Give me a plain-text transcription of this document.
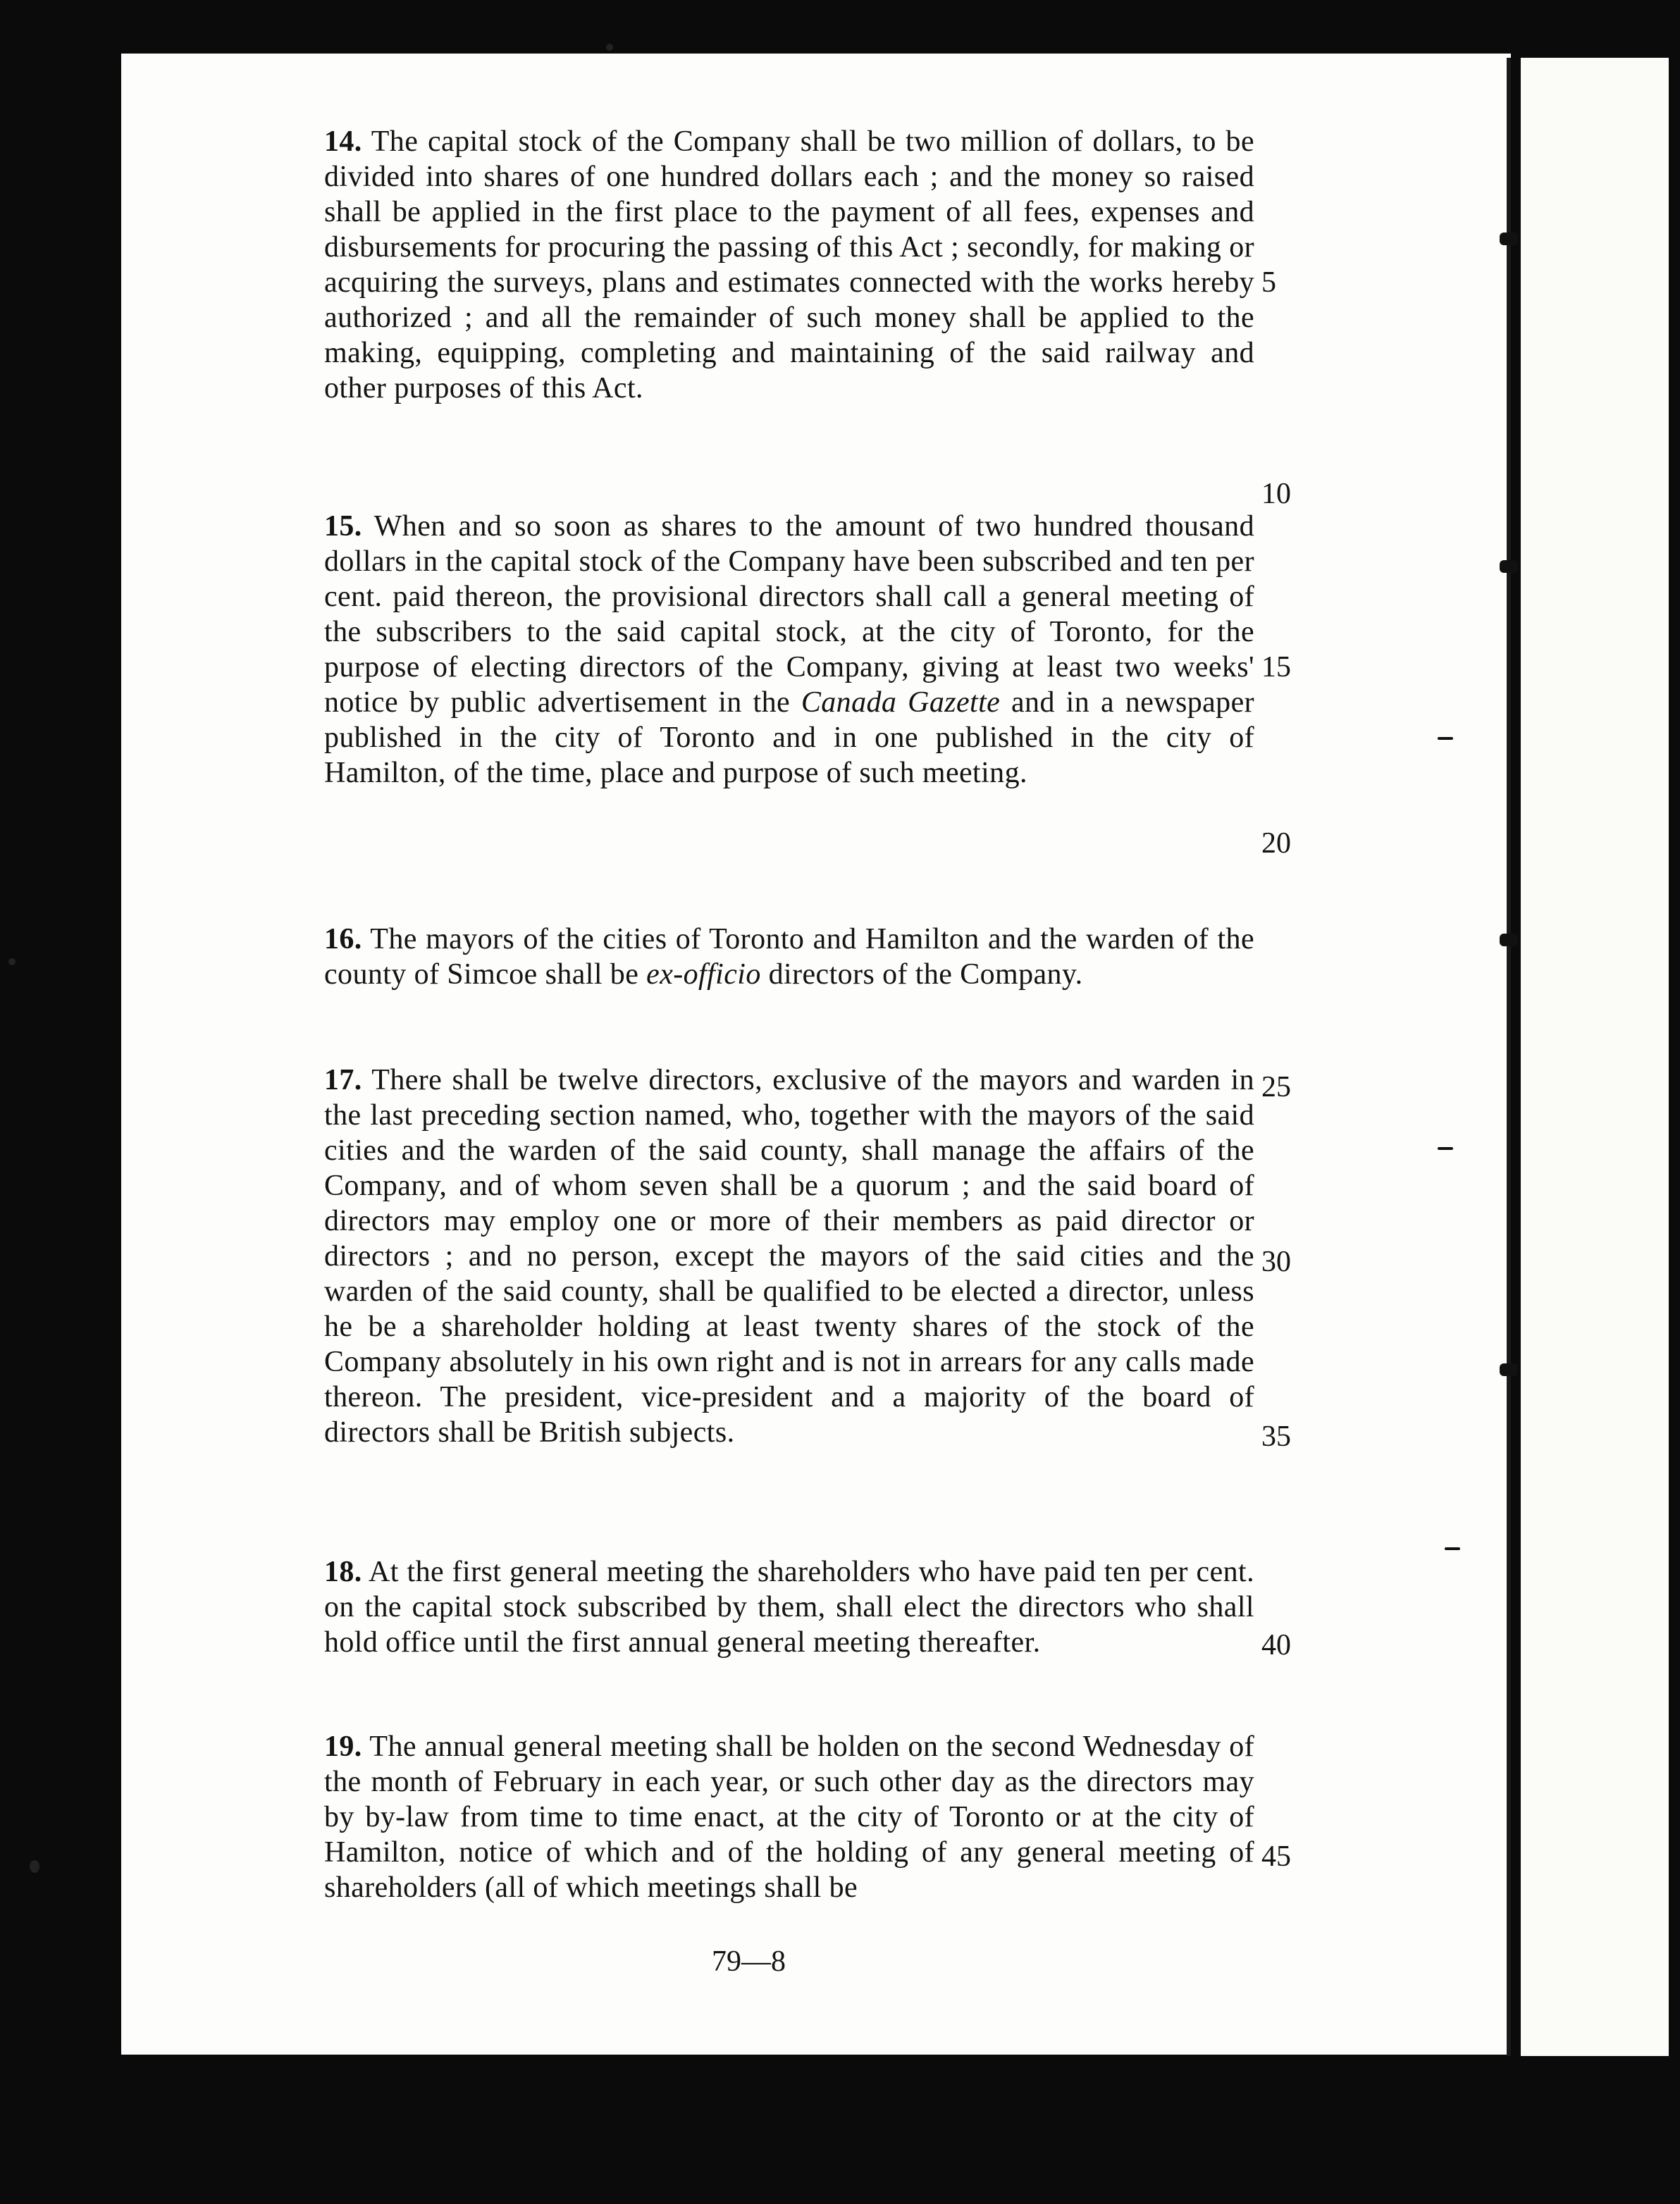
14. The capital stock of the Company shall be two million of dollars, to be divided into shares of one hundred dollars each ; and the money so raised shall be applied in the first place to the payment of all fees, expenses and disbursements for procuring the passing of this Act ; secondly, for making or acquiring the surveys, plans and estimates connected with the works hereby authorized ; and all the remainder of such money shall be applied to the making, equipping, completing and maintaining of the said railway and other purposes of this Act.
15. When and so soon as shares to the amount of two hundred thousand dollars in the capital stock of the Company have been subscribed and ten per cent. paid thereon, the provisional directors shall call a general meeting of the subscribers to the said capital stock, at the city of Toronto, for the purpose of electing directors of the Company, giving at least two weeks' notice by public advertisement in the Canada Gazette and in a newspaper published in the city of Toronto and in one published in the city of Hamilton, of the time, place and purpose of such meeting.
16. The mayors of the cities of Toronto and Hamilton and the warden of the county of Simcoe shall be ex-officio directors of the Company.
17. There shall be twelve directors, exclusive of the mayors and warden in the last preceding section named, who, together with the mayors of the said cities and the warden of the said county, shall manage the affairs of the Company, and of whom seven shall be a quorum ; and the said board of directors may employ one or more of their members as paid director or directors ; and no person, except the mayors of the said cities and the warden of the said county, shall be qualified to be elected a director, unless he be a shareholder holding at least twenty shares of the stock of the Company absolutely in his own right and is not in arrears for any calls made thereon. The president, vice-president and a majority of the board of directors shall be British subjects.
18. At the first general meeting the shareholders who have paid ten per cent. on the capital stock subscribed by them, shall elect the directors who shall hold office until the first annual general meeting thereafter.
19. The annual general meeting shall be holden on the second Wednesday of the month of February in each year, or such other day as the directors may by by-law from time to time enact, at the city of Toronto or at the city of Hamilton, notice of which and of the holding of any general meeting of shareholders (all of which meetings shall be
5
10
15
20
25
30
35
40
45
79—8
